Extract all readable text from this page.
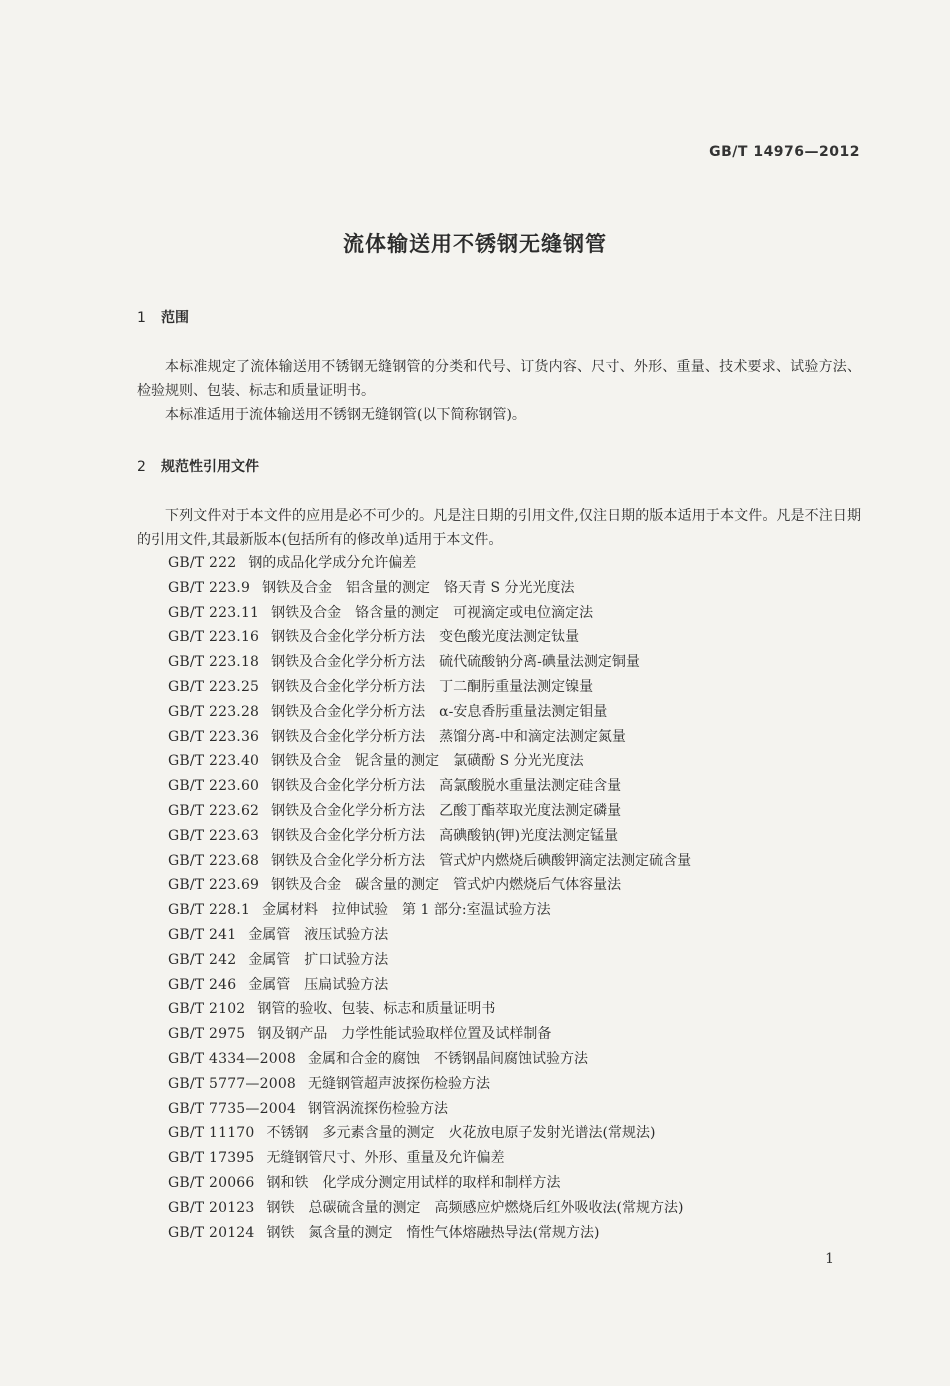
GB/T 14976—2012
流体输送用不锈钢无缝钢管
1 范围
本标准规定了流体输送用不锈钢无缝钢管的分类和代号、订货内容、尺寸、外形、重量、技术要求、试验方法、检验规则、包装、标志和质量证明书。
本标准适用于流体输送用不锈钢无缝钢管(以下简称钢管)。
2 规范性引用文件
下列文件对于本文件的应用是必不可少的。凡是注日期的引用文件,仅注日期的版本适用于本文件。凡是不注日期的引用文件,其最新版本(包括所有的修改单)适用于本文件。
GB/T 222 钢的成品化学成分允许偏差
GB/T 223.9 钢铁及合金　铝含量的测定　铬天青 S 分光光度法
GB/T 223.11 钢铁及合金　铬含量的测定　可视滴定或电位滴定法
GB/T 223.16 钢铁及合金化学分析方法　变色酸光度法测定钛量
GB/T 223.18 钢铁及合金化学分析方法　硫代硫酸钠分离-碘量法测定铜量
GB/T 223.25 钢铁及合金化学分析方法　丁二酮肟重量法测定镍量
GB/T 223.28 钢铁及合金化学分析方法　α-安息香肟重量法测定钼量
GB/T 223.36 钢铁及合金化学分析方法　蒸馏分离-中和滴定法测定氮量
GB/T 223.40 钢铁及合金　铌含量的测定　氯磺酚 S 分光光度法
GB/T 223.60 钢铁及合金化学分析方法　高氯酸脱水重量法测定硅含量
GB/T 223.62 钢铁及合金化学分析方法　乙酸丁酯萃取光度法测定磷量
GB/T 223.63 钢铁及合金化学分析方法　高碘酸钠(钾)光度法测定锰量
GB/T 223.68 钢铁及合金化学分析方法　管式炉内燃烧后碘酸钾滴定法测定硫含量
GB/T 223.69 钢铁及合金　碳含量的测定　管式炉内燃烧后气体容量法
GB/T 228.1 金属材料　拉伸试验　第 1 部分:室温试验方法
GB/T 241 金属管　液压试验方法
GB/T 242 金属管　扩口试验方法
GB/T 246 金属管　压扁试验方法
GB/T 2102 钢管的验收、包装、标志和质量证明书
GB/T 2975 钢及钢产品　力学性能试验取样位置及试样制备
GB/T 4334—2008 金属和合金的腐蚀　不锈钢晶间腐蚀试验方法
GB/T 5777—2008 无缝钢管超声波探伤检验方法
GB/T 7735—2004 钢管涡流探伤检验方法
GB/T 11170 不锈钢　多元素含量的测定　火花放电原子发射光谱法(常规法)
GB/T 17395 无缝钢管尺寸、外形、重量及允许偏差
GB/T 20066 钢和铁　化学成分测定用试样的取样和制样方法
GB/T 20123 钢铁　总碳硫含量的测定　高频感应炉燃烧后红外吸收法(常规方法)
GB/T 20124 钢铁　氮含量的测定　惰性气体熔融热导法(常规方法)
1
